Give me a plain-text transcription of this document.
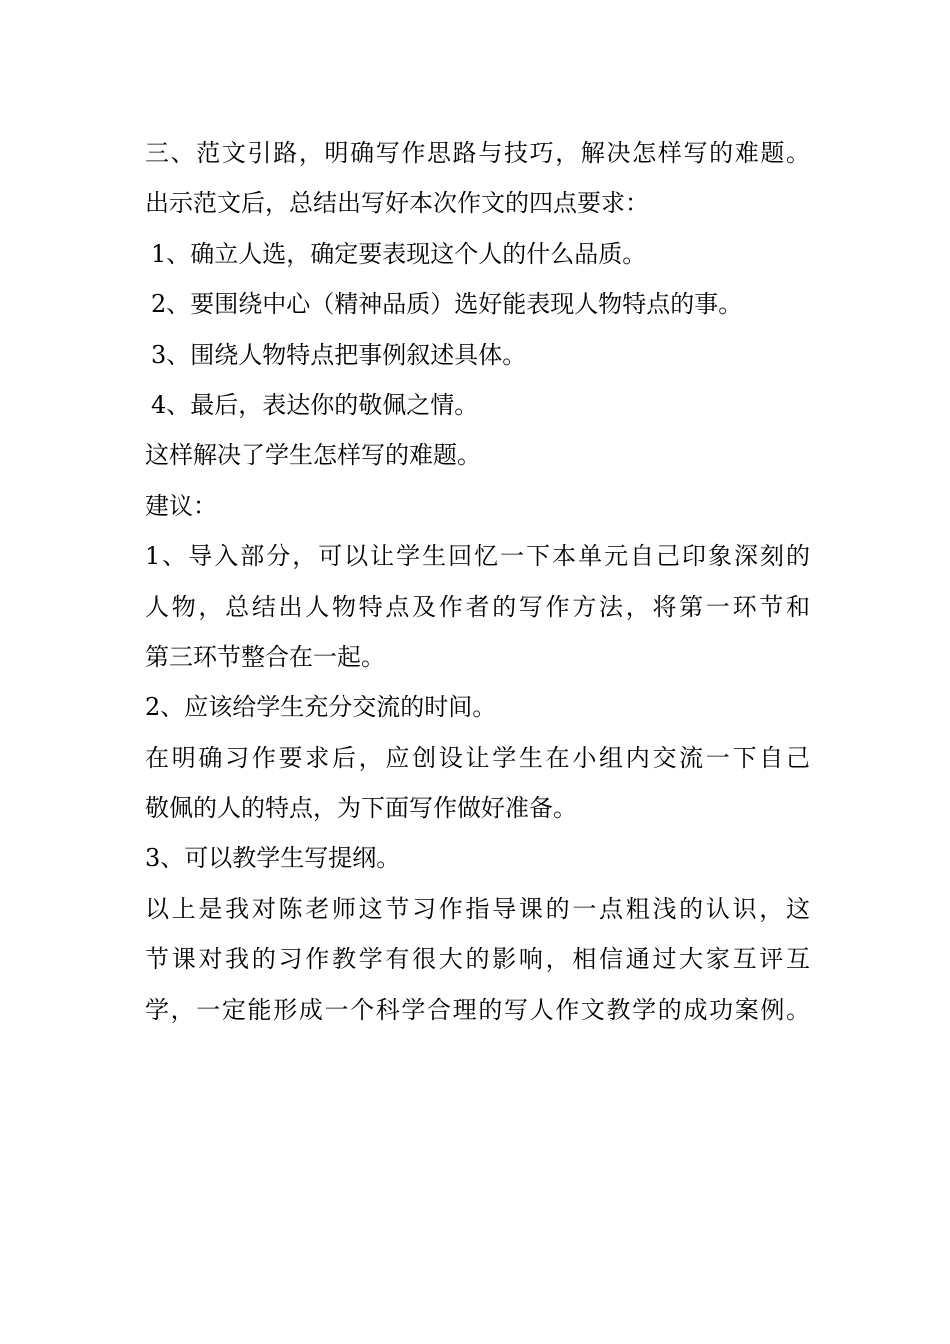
三、范文引路，明确写作思路与技巧，解决怎样写的难题。
出示范文后，总结出写好本次作文的四点要求：
1、确立人选，确定要表现这个人的什么品质。
2、要围绕中心（精神品质）选好能表现人物特点的事。
3、围绕人物特点把事例叙述具体。
4、最后，表达你的敬佩之情。
这样解决了学生怎样写的难题。
建议：
1、导入部分，可以让学生回忆一下本单元自己印象深刻的
人物，总结出人物特点及作者的写作方法，将第一环节和
第三环节整合在一起。
2、应该给学生充分交流的时间。
在明确习作要求后，应创设让学生在小组内交流一下自己
敬佩的人的特点，为下面写作做好准备。
3、可以教学生写提纲。
以上是我对陈老师这节习作指导课的一点粗浅的认识，这
节课对我的习作教学有很大的影响，相信通过大家互评互
学，一定能形成一个科学合理的写人作文教学的成功案例。
